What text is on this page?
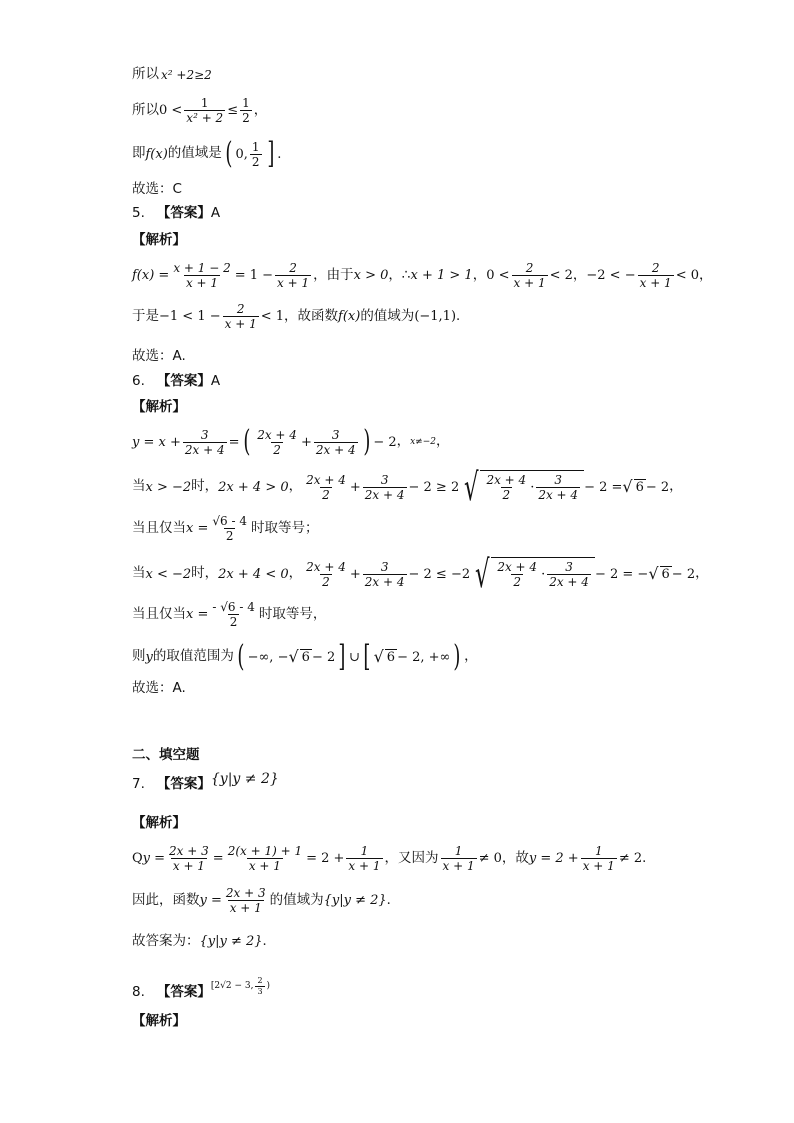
所以 x² +2≥2
所以 $0 < \frac{1}{\text{x² + 2}} \le \frac{1}{2}$ ，
即 f(x) 的值域是 ( 0, $\frac{1}{2}$ ] .
故选：C
5. 【答案】 A
【解析】
$f(x) = \frac{x + 1 - 2}{x + 1} = 1 - \frac{2}{x + 1}$ ，由于 x > 0 ，∴ x + 1 > 1 ， $0 < \frac{2}{x + 1} < 2$ ， −2 < − $\frac{2}{x + 1} < 0$ ，
于是 $-1 < 1 - \frac{2}{x + 1} < 1$ ，故函数 f(x) 的值域为 (−1,1) .
故选：A.
6. 【答案】 A
【解析】
$y = x + \frac{3}{2x + 4}$ = ( $\frac{2x + 4}{2} + \frac{3}{2x + 4}$ ) − 2 ， x≠−2 ，
当 x > −2 时， 2x + 4 > 0 ， $\frac{2x + 4}{2} + \frac{3}{2x + 4} - 2 \ge 2$ √ $\frac{2x + 4}{2} \cdot \frac{3}{2x + 4} - 2$ = √ 6 − 2 ，
当且仅当 $x = \frac{√6 - 4}{2}$ 时取等号；
当 x < −2 时， 2x + 4 < 0 ， $\frac{2x + 4}{2} + \frac{3}{2x + 4} - 2 \le -2$ √ $\frac{2x + 4}{2} \cdot \frac{3}{2x + 4} - 2$ = − √ 6 − 2 ，
当且仅当 $x = \frac{- √6 - 4}{2}$ 时取等号，
则 y 的取值范围为 ( −∞, − √ 6 − 2 ] ∪ [ √ 6 − 2, +∞ ) ，
故选：A.
二、填空题
7. 【答案】 {y|y ≠ 2}
【解析】
Q $y = \frac{2x + 3}{x + 1} = \frac{2(x + 1) + 1}{x + 1} = 2 + \frac{1}{x + 1}$ ，又因为 $\frac{1}{x + 1} \ne 0$ ，故 $y = 2 + \frac{1}{x + 1} \ne 2$ .
因此，函数 $y = \frac{2x + 3}{x + 1}$ 的值域为 {y|y ≠ 2} .
故答案为： {y|y ≠ 2} .
8. 【答案】 [2√2 − 3, $\frac{2}{3}$ )
【解析】
